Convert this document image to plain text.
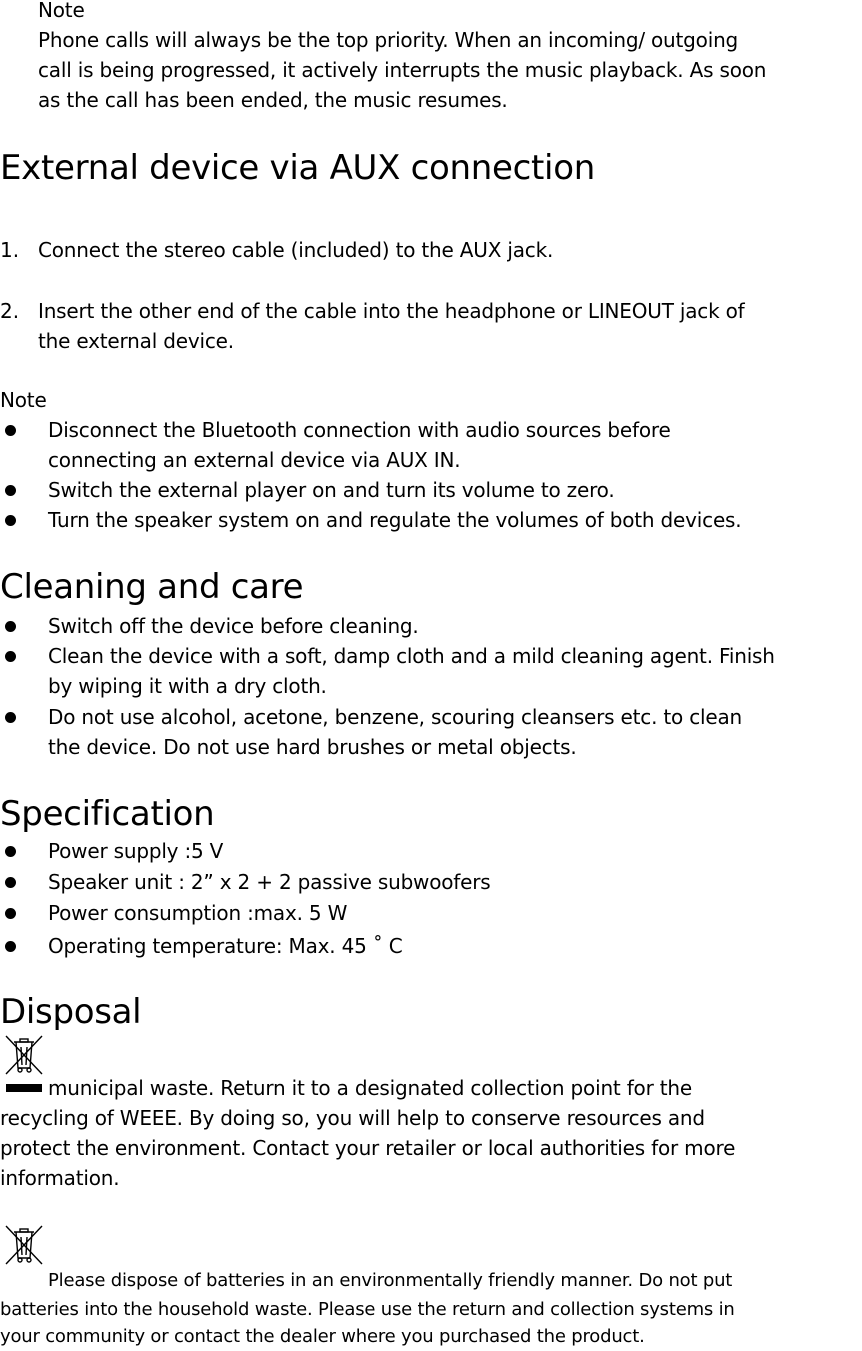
Note
Phone calls will always be the top priority. When an incoming/ outgoing
call is being progressed, it actively interrupts the music playback. As soon
as the call has been ended, the music resumes.
External device via AUX connection
1. Connect the stereo cable (included) to the AUX jack.
2. Insert the other end of the cable into the headphone or LINEOUT jack of
the external device.
Note
Disconnect the Bluetooth connection with audio sources before
connecting an external device via AUX IN.
Switch the external player on and turn its volume to zero.
Turn the speaker system on and regulate the volumes of both devices.
Cleaning and care
Switch off the device before cleaning.
Clean the device with a soft, damp cloth and a mild cleaning agent. Finish
by wiping it with a dry cloth.
Do not use alcohol, acetone, benzene, scouring cleansers etc. to clean
the device. Do not use hard brushes or metal objects.
Specification
Power supply :5 V
Speaker unit : 2” x 2 + 2 passive subwoofers
Power consumption :max. 5 W
Operating temperature: Max. 45 ˚ C
Disposal
municipal waste. Return it to a designated collection point for the
recycling of WEEE. By doing so, you will help to conserve resources and
protect the environment. Contact your retailer or local authorities for more
information.
Please dispose of batteries in an environmentally friendly manner. Do not put
batteries into the household waste. Please use the return and collection systems in
your community or contact the dealer where you purchased the product.
